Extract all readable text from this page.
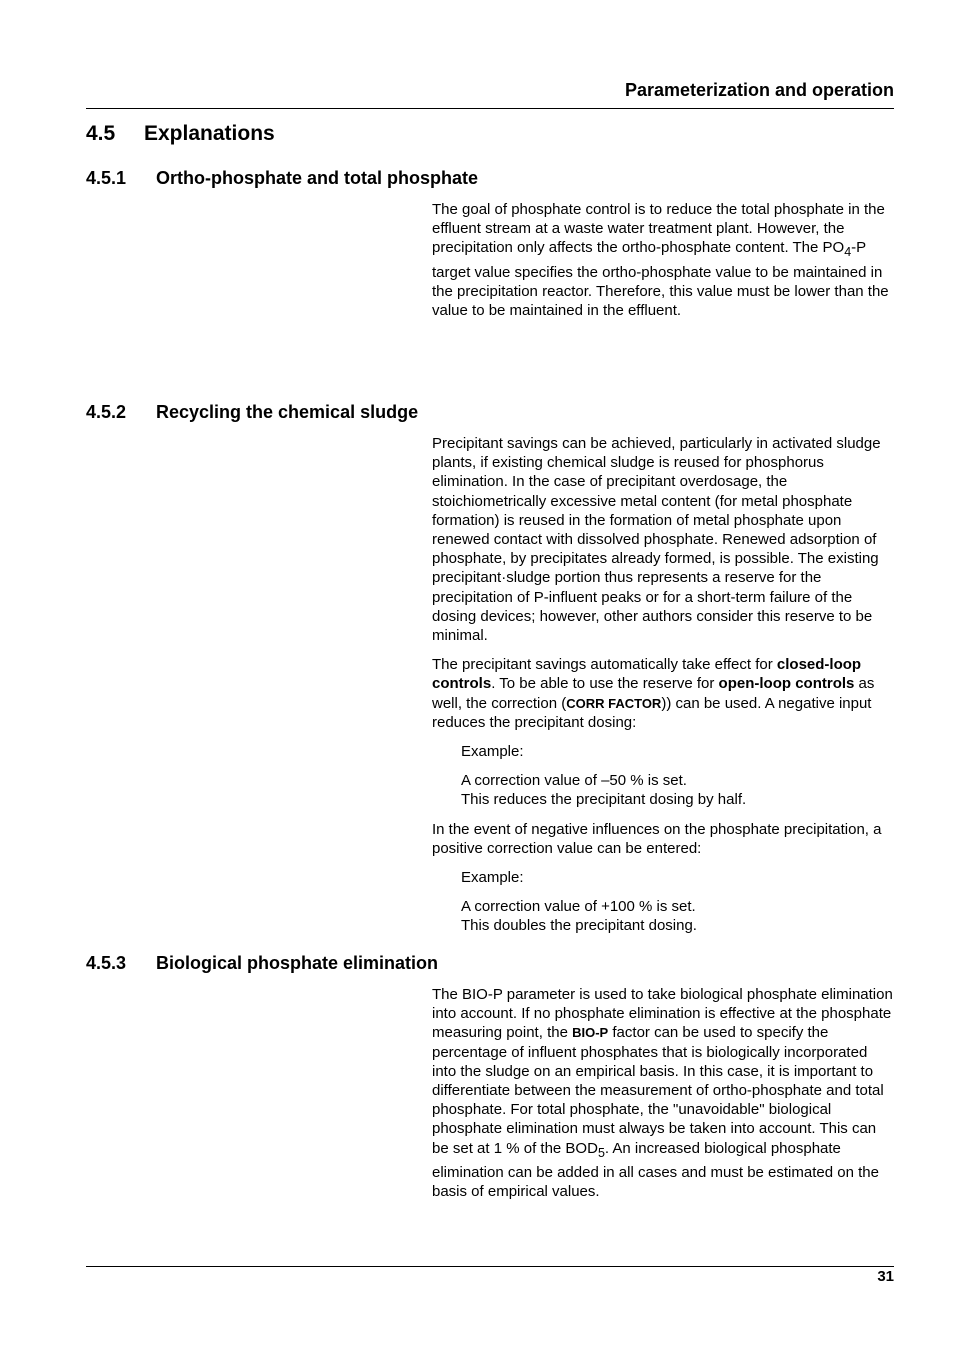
Parameterization and operation
4.5 Explanations
4.5.1 Ortho-phosphate and total phosphate

The goal of phosphate control is to reduce the total phosphate in the effluent stream at a waste water treatment plant. However, the precipitation only affects the ortho-phosphate content. The $PO_4-P$ target value specifies the ortho-phosphate value to be maintained in the precipitation reactor. Therefore, this value must be lower than the value to be maintained in the effluent.

4.5.2 Recycling the chemical sludge

Precipitant savings can be achieved, particularly in activated sludge plants, if existing chemical sludge is reused for phosphorus elimination. In the case of precipitant overdosage, the stoichiometrically excessive metal content (for metal phosphate formation) is reused in the formation of metal phosphate upon renewed contact with dissolved phosphate. Renewed adsorption of phosphate, by precipitates already formed, is possible. The existing precipitant·sludge portion thus represents a reserve for the precipitation of P-influent peaks or for a short-term failure of the dosing devices; however, other authors consider this reserve to be minimal.

The precipitant savings automatically take effect for closed-loop controls. To be able to use the reserve for open-loop controls as well, the correction (CORR FACTOR)) can be used. A negative input reduces the precipitant dosing:

Example:

A correction value of –50 % is set.
This reduces the precipitant dosing by half.

In the event of negative influences on the phosphate precipitation, a positive correction value can be entered:

Example:

A correction value of +100 % is set.
This doubles the precipitant dosing.

4.5.3 Biological phosphate elimination

The BIO-P parameter is used to take biological phosphate elimination into account. If no phosphate elimination is effective at the phosphate measuring point, the BIO-P factor can be used to specify the percentage of influent phosphates that is biologically incorporated into the sludge on an empirical basis. In this case, it is important to differentiate between the measurement of ortho-phosphate and total phosphate. For total phosphate, the "unavoidable" biological phosphate elimination must always be taken into account. This can be set at 1 % of the $BOD_5$. An increased biological phosphate elimination can be added in all cases and must be estimated on the basis of empirical values.

31
